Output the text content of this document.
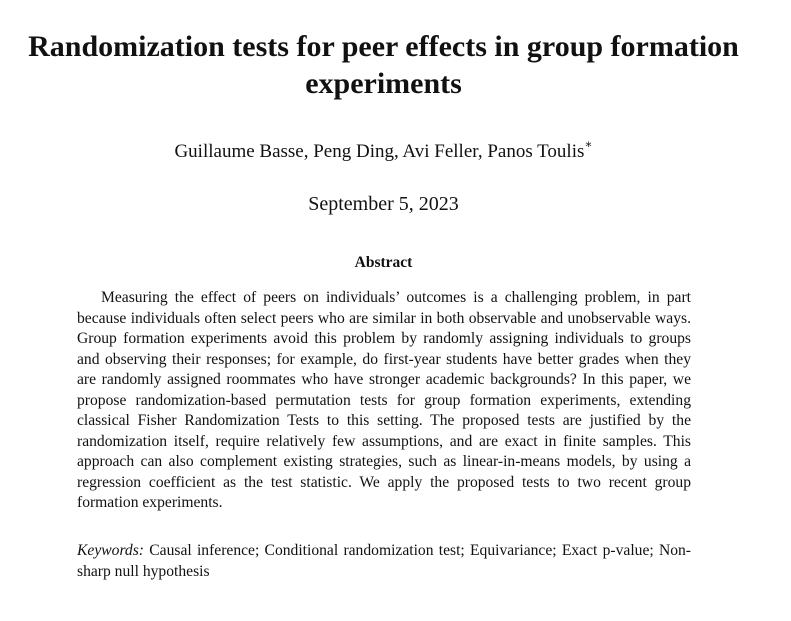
Randomization tests for peer effects in group formation experiments
Guillaume Basse, Peng Ding, Avi Feller, Panos Toulis∗
September 5, 2023
Abstract

Measuring the effect of peers on individuals’ outcomes is a challenging problem, in part because individuals often select peers who are similar in both observable and unobservable ways. Group formation experiments avoid this problem by randomly assigning individuals to groups and observing their responses; for example, do first-year students have better grades when they are randomly assigned roommates who have stronger academic backgrounds? In this paper, we propose randomization-based permutation tests for group formation experiments, extending classical Fisher Randomization Tests to this setting. The proposed tests are justified by the randomization itself, require relatively few assumptions, and are exact in finite samples. This approach can also complement existing strategies, such as linear-in-means models, by using a regression coefficient as the test statistic. We apply the proposed tests to two recent group formation experiments.

Keywords: Causal inference; Conditional randomization test; Equivariance; Exact p-value; Non-sharp null hypothesis
